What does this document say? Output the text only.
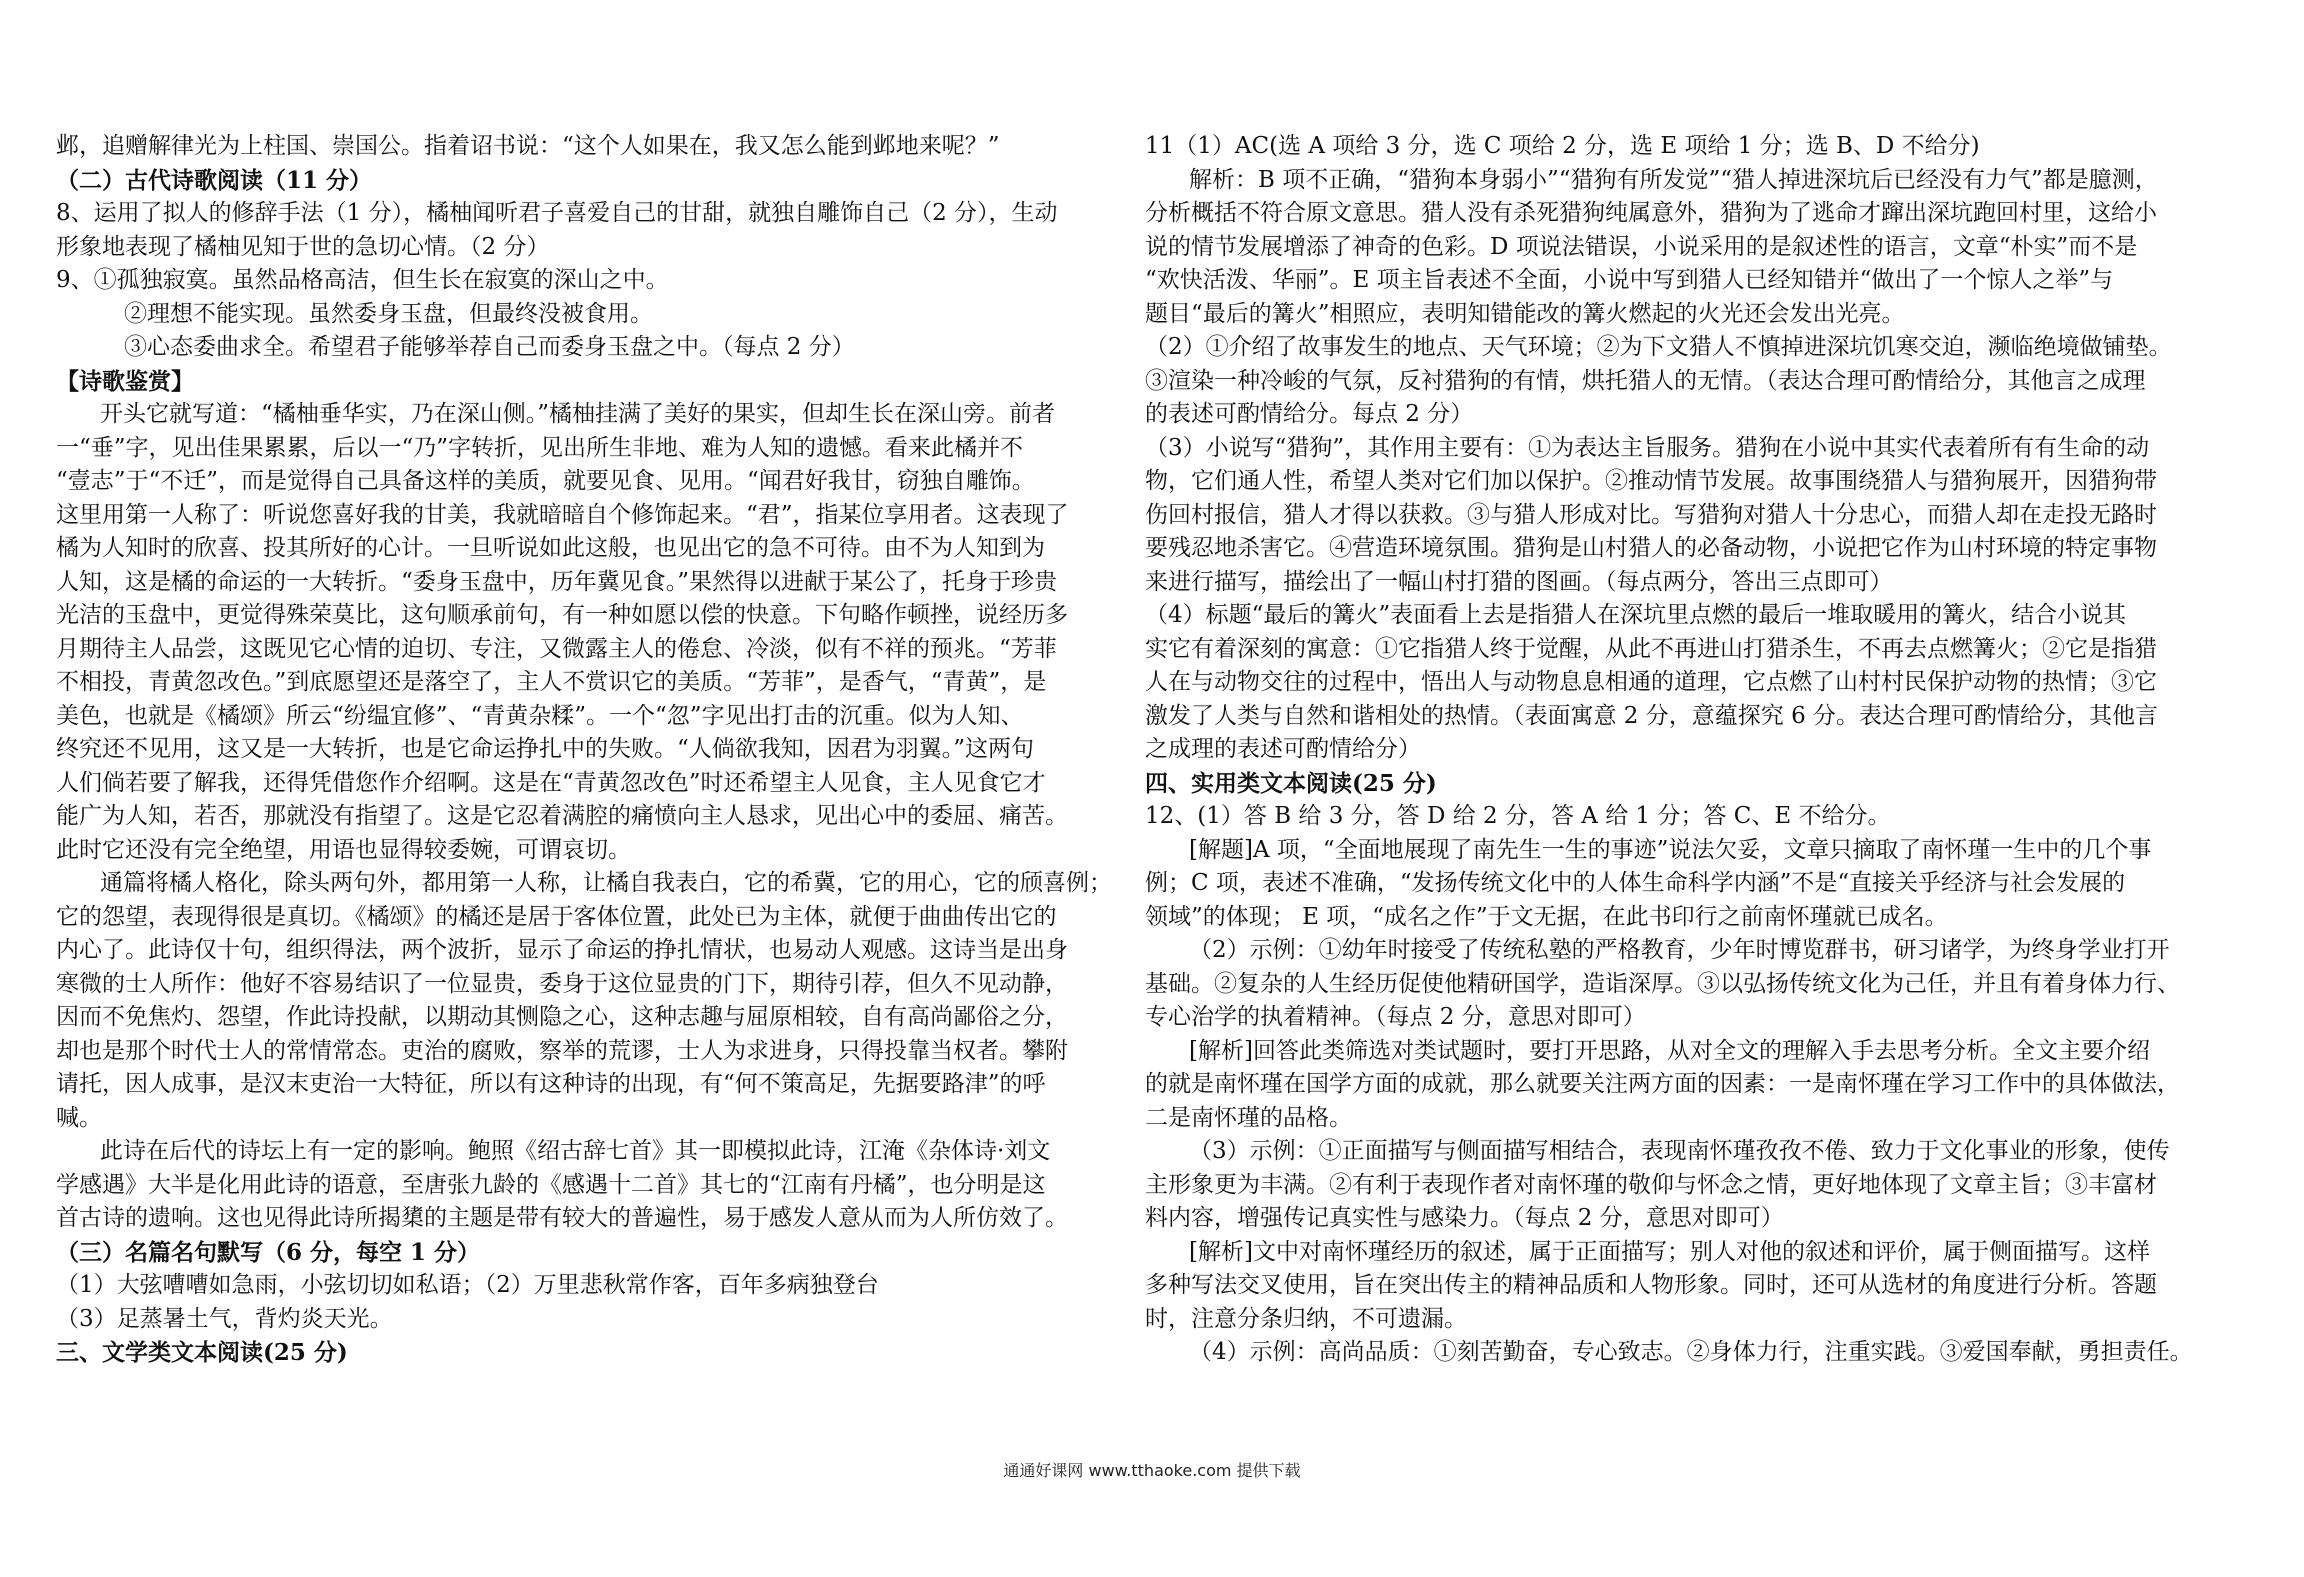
邺，追赠解律光为上柱国、崇国公。指着诏书说：“这个人如果在，我又怎么能到邺地来呢？”
（二）古代诗歌阅读（11 分）
8、运用了拟人的修辞手法（1 分），橘柚闻听君子喜爱自己的甘甜，就独自雕饰自己（2 分），生动
形象地表现了橘柚见知于世的急切心情。（2 分）
9、①孤独寂寞。虽然品格高洁，但生长在寂寞的深山之中。
②理想不能实现。虽然委身玉盘，但最终没被食用。
③心态委曲求全。希望君子能够举荐自己而委身玉盘之中。（每点 2 分）
【诗歌鉴赏】
开头它就写道：“橘柚垂华实，乃在深山侧。”橘柚挂满了美好的果实，但却生长在深山旁。前者
一“垂”字，见出佳果累累，后以一“乃”字转折，见出所生非地、难为人知的遗憾。看来此橘并不
“壹志”于“不迁”，而是觉得自己具备这样的美质，就要见食、见用。“闻君好我甘，窃独自雕饰。
这里用第一人称了：听说您喜好我的甘美，我就暗暗自个修饰起来。“君”，指某位享用者。这表现了
橘为人知时的欣喜、投其所好的心计。一旦听说如此这般，也见出它的急不可待。由不为人知到为
人知，这是橘的命运的一大转折。“委身玉盘中，历年冀见食。”果然得以进献于某公了，托身于珍贵
光洁的玉盘中，更觉得殊荣莫比，这句顺承前句，有一种如愿以偿的快意。下句略作顿挫，说经历多
月期待主人品尝，这既见它心情的迫切、专注，又微露主人的倦怠、冷淡，似有不祥的预兆。“芳菲
不相投，青黄忽改色。”到底愿望还是落空了，主人不赏识它的美质。“芳菲”，是香气，“青黄”，是
美色，也就是《橘颂》所云“纷缊宜修”、“青黄杂糅”。一个“忽”字见出打击的沉重。似为人知、
终究还不见用，这又是一大转折，也是它命运挣扎中的失败。“人倘欲我知，因君为羽翼。”这两句
人们倘若要了解我，还得凭借您作介绍啊。这是在“青黄忽改色”时还希望主人见食，主人见食它才
能广为人知，若否，那就没有指望了。这是它忍着满腔的痛愤向主人恳求，见出心中的委屈、痛苦。
此时它还没有完全绝望，用语也显得较委婉，可谓哀切。
通篇将橘人格化，除头两句外，都用第一人称，让橘自我表白，它的希冀，它的用心，它的颀喜例；
它的怨望，表现得很是真切。《橘颂》的橘还是居于客体位置，此处已为主体，就便于曲曲传出它的
内心了。此诗仅十句，组织得法，两个波折，显示了命运的挣扎情状，也易动人观感。这诗当是出身
寒微的士人所作：他好不容易结识了一位显贵，委身于这位显贵的门下，期待引荐，但久不见动静，
因而不免焦灼、怨望，作此诗投献，以期动其恻隐之心，这种志趣与屈原相较，自有高尚鄙俗之分，
却也是那个时代士人的常情常态。吏治的腐败，察举的荒谬，士人为求进身，只得投靠当权者。攀附
请托，因人成事，是汉末吏治一大特征，所以有这种诗的出现，有“何不策高足，先据要路津”的呼
喊。
此诗在后代的诗坛上有一定的影响。鲍照《绍古辞七首》其一即模拟此诗，江淹《杂体诗·刘文
学感遇》大半是化用此诗的语意，至唐张九龄的《感遇十二首》其七的“江南有丹橘”，也分明是这
首古诗的遗响。这也见得此诗所揭橥的主题是带有较大的普遍性，易于感发人意从而为人所仿效了。
（三）名篇名句默写（6 分，每空 1 分）
（1）大弦嘈嘈如急雨，小弦切切如私语；（2）万里悲秋常作客，百年多病独登台
（3）足蒸暑土气，背灼炎天光。
三、文学类文本阅读(25 分)
11（1）AC(选 A 项给 3 分，选 C 项给 2 分，选 E 项给 1 分；选 B、D 不给分)
解析：B 项不正确，“猎狗本身弱小”“猎狗有所发觉”“猎人掉进深坑后已经没有力气”都是臆测，
分析概括不符合原文意思。猎人没有杀死猎狗纯属意外，猎狗为了逃命才蹿出深坑跑回村里，这给小
说的情节发展增添了神奇的色彩。D 项说法错误，小说采用的是叙述性的语言，文章“朴实”而不是
“欢快活泼、华丽”。E 项主旨表述不全面，小说中写到猎人已经知错并“做出了一个惊人之举”与
题目“最后的篝火”相照应，表明知错能改的篝火燃起的火光还会发出光亮。
（2）①介绍了故事发生的地点、天气环境；②为下文猎人不慎掉进深坑饥寒交迫，濒临绝境做铺垫。
③渲染一种冷峻的气氛，反衬猎狗的有情，烘托猎人的无情。（表达合理可酌情给分，其他言之成理
的表述可酌情给分。每点 2 分）
（3）小说写“猎狗”，其作用主要有：①为表达主旨服务。猎狗在小说中其实代表着所有有生命的动
物，它们通人性，希望人类对它们加以保护。②推动情节发展。故事围绕猎人与猎狗展开，因猎狗带
伤回村报信，猎人才得以获救。③与猎人形成对比。写猎狗对猎人十分忠心，而猎人却在走投无路时
要残忍地杀害它。④营造环境氛围。猎狗是山村猎人的必备动物，小说把它作为山村环境的特定事物
来进行描写，描绘出了一幅山村打猎的图画。（每点两分，答出三点即可）
（4）标题“最后的篝火”表面看上去是指猎人在深坑里点燃的最后一堆取暖用的篝火，结合小说其
实它有着深刻的寓意：①它指猎人终于觉醒，从此不再进山打猎杀生，不再去点燃篝火；②它是指猎
人在与动物交往的过程中，悟出人与动物息息相通的道理，它点燃了山村村民保护动物的热情；③它
激发了人类与自然和谐相处的热情。（表面寓意 2 分，意蕴探究 6 分。表达合理可酌情给分，其他言
之成理的表述可酌情给分）
四、实用类文本阅读(25 分)
12、(1）答 B 给 3 分，答 D 给 2 分，答 A 给 1 分；答 C、E 不给分。
[解题]A 项，“全面地展现了南先生一生的事迹”说法欠妥，文章只摘取了南怀瑾一生中的几个事
例；C 项，表述不准确，“发扬传统文化中的人体生命科学内涵”不是“直接关乎经济与社会发展的
领域”的体现； E 项，“成名之作”于文无据，在此书印行之前南怀瑾就已成名。
（2）示例：①幼年时接受了传统私塾的严格教育，少年时博览群书，研习诸学，为终身学业打开
基础。②复杂的人生经历促使他精研国学，造诣深厚。③以弘扬传统文化为己任，并且有着身体力行、
专心治学的执着精神。（每点 2 分，意思对即可）
[解析]回答此类筛选对类试题时，要打开思路，从对全文的理解入手去思考分析。全文主要介绍
的就是南怀瑾在国学方面的成就，那么就要关注两方面的因素：一是南怀瑾在学习工作中的具体做法，
二是南怀瑾的品格。
（3）示例：①正面描写与侧面描写相结合，表现南怀瑾孜孜不倦、致力于文化事业的形象，使传
主形象更为丰满。②有利于表现作者对南怀瑾的敬仰与怀念之情，更好地体现了文章主旨；③丰富材
料内容，增强传记真实性与感染力。（每点 2 分，意思对即可）
[解析]文中对南怀瑾经历的叙述，属于正面描写；别人对他的叙述和评价，属于侧面描写。这样
多种写法交叉使用，旨在突出传主的精神品质和人物形象。同时，还可从选材的角度进行分析。答题
时，注意分条归纳，不可遗漏。
（4）示例：高尚品质：①刻苦勤奋，专心致志。②身体力行，注重实践。③爱国奉献，勇担责任。
通通好课网 www.tthaoke.com 提供下载
